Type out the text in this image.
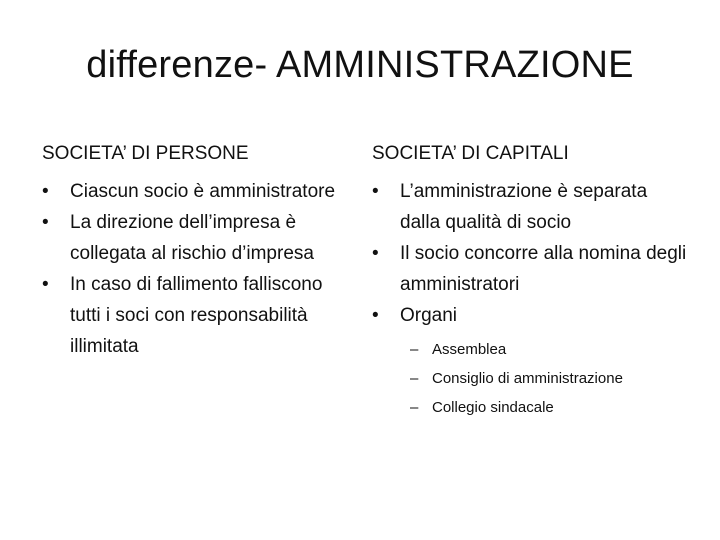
differenze- AMMINISTRAZIONE
SOCIETA’ DI PERSONE
•	Ciascun socio è amministratore
•	La direzione dell’impresa è collegata al rischio d’impresa
•	In caso di fallimento falliscono tutti i soci con responsabilità illimitata
SOCIETA’ DI CAPITALI
•	L’amministrazione è separata dalla qualità di socio
•	Il socio concorre alla nomina degli amministratori
•	Organi
– Assemblea
– Consiglio di amministrazione
– Collegio sindacale
